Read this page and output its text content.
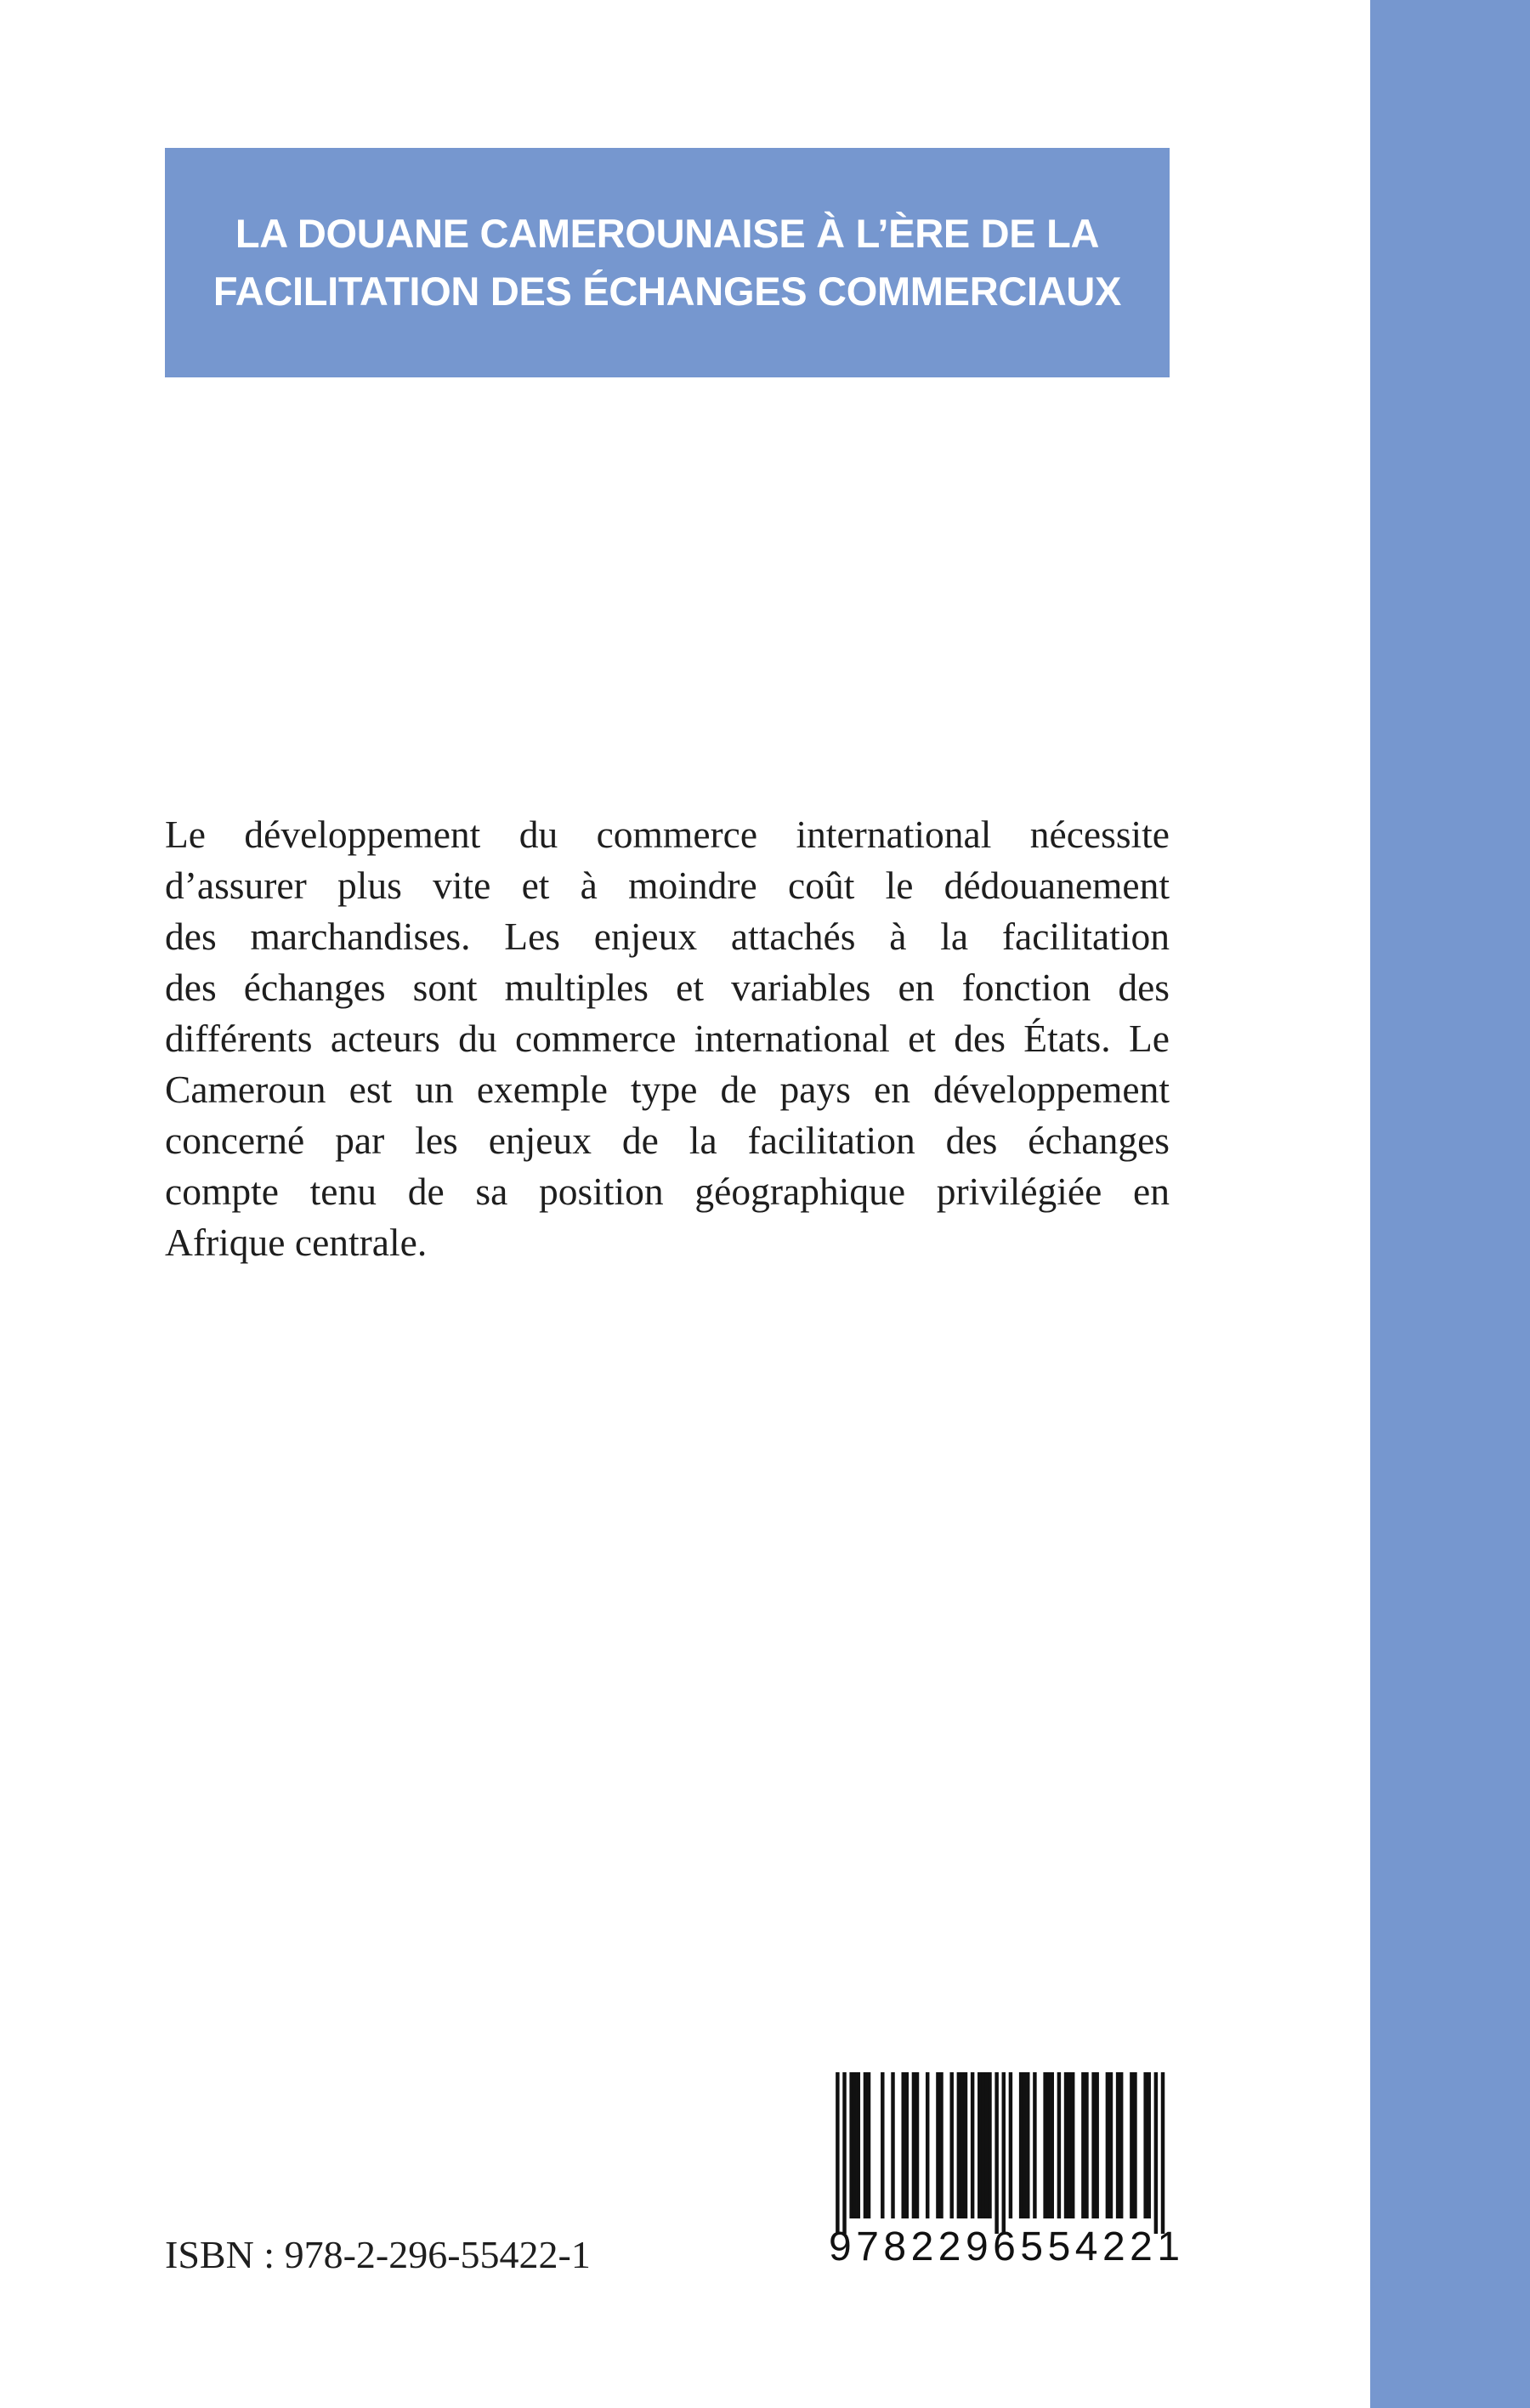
LA DOUANE CAMEROUNAISE À L’ÈRE DE LA
FACILITATION DES ÉCHANGES COMMERCIAUX
Le développement du commerce international nécessite
d’assurer plus vite et à moindre coût le dédouanement
des marchandises. Les enjeux attachés à la facilitation
des échanges sont multiples et variables en fonction des
différents acteurs du commerce international et des États. Le
Cameroun est un exemple type de pays en développement
concerné par les enjeux de la facilitation des échanges
compte tenu de sa position géographique privilégiée en
Afrique centrale.
ISBN : 978-2-296-55422-1	9782296554221
